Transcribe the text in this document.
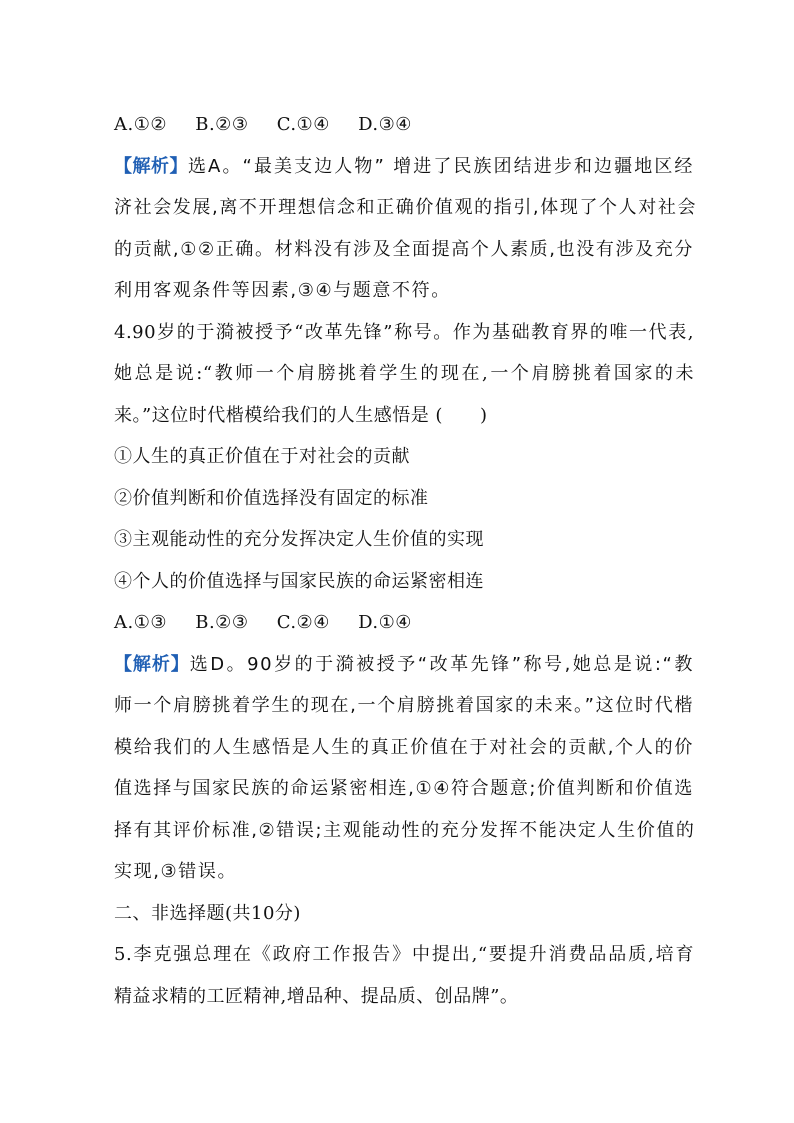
A.①② B.②③ C.①④ D.③④
【解析】选A。“最美支边人物” 增进了民族团结进步和边疆地区经
济社会发展,离不开理想信念和正确价值观的指引,体现了个人对社会
的贡献,①②正确。材料没有涉及全面提高个人素质,也没有涉及充分
利用客观条件等因素,③④与题意不符。
4.90岁的于漪被授予“改革先锋”称号。作为基础教育界的唯一代表,
她总是说:“教师一个肩膀挑着学生的现在,一个肩膀挑着国家的未
来。”这位时代楷模给我们的人生感悟是 (　　)
①人生的真正价值在于对社会的贡献
②价值判断和价值选择没有固定的标准
③主观能动性的充分发挥决定人生价值的实现
④个人的价值选择与国家民族的命运紧密相连
A.①③ B.②③ C.②④ D.①④
【解析】选D。90岁的于漪被授予“改革先锋”称号,她总是说:“教
师一个肩膀挑着学生的现在,一个肩膀挑着国家的未来。”这位时代楷
模给我们的人生感悟是人生的真正价值在于对社会的贡献,个人的价
值选择与国家民族的命运紧密相连,①④符合题意;价值判断和价值选
择有其评价标准,②错误;主观能动性的充分发挥不能决定人生价值的
实现,③错误。
二、非选择题(共10分)
5.李克强总理在《政府工作报告》中提出,“要提升消费品品质,培育
精益求精的工匠精神,增品种、提品质、创品牌”。
